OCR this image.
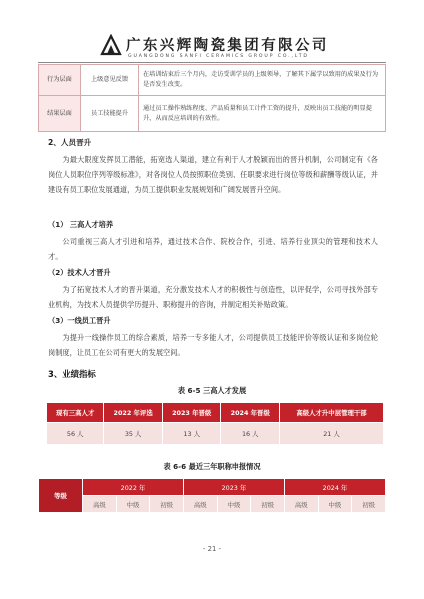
广东兴辉陶瓷集团有限公司
GUANGDONG SANFI CERAMICS GROUP CO.,LTD
行为层面	上级意见反馈	在培训结束后三个月内，走访受训学员的上级领导，了解其下属学以致用的成果及行为是否发生改变。
结果层面	员工技能提升	通过员工操作熟练程度、产品质量和员工计件工资的提升，反映出员工技能的明显提升，从而反应培训的有效性。
2、人员晋升
为最大限度发挥员工潜能，拓宽选人渠道，建立有利于人才脱颖而出的晋升机制，公司制定有《各岗位人员职位序列等级标准》，对各岗位人员按照职位类别、任职要求进行岗位等级和薪酬等级认证，并建设有员工职位发展通道，为员工提供职业发展规划和广阔发展晋升空间。
（1） 三高人才培养
公司重视三高人才引进和培养，通过技术合作、院校合作，引进、培养行业顶尖的管理和技术人才。
（2）技术人才晋升
为了拓宽技术人才的晋升渠道，充分激发技术人才的积极性与创造性，以评促学，公司寻找外部专业机构，为技术人员提供学历提升、职称提升的咨询，并制定相关补贴政策。
（3）一线员工晋升
为提升一线操作员工的综合素质，培养一专多能人才，公司提供员工技能评价等级认证和多岗位轮岗制度，让员工在公司有更大的发展空间。
3、业绩指标
表 6-5 三高人才发展
现有三高人才	2022 年评选	2023 年晋级	2024 年晋级	高级人才升中层管理干部
56 人	35 人	13 人	16 人	21 人
表 6-6 最近三年职称申报情况
等级	2022 年			2023 年			2024 年		
	高级	中级	初级	高级	中级	初级	高级	中级	初级
- 21 -
